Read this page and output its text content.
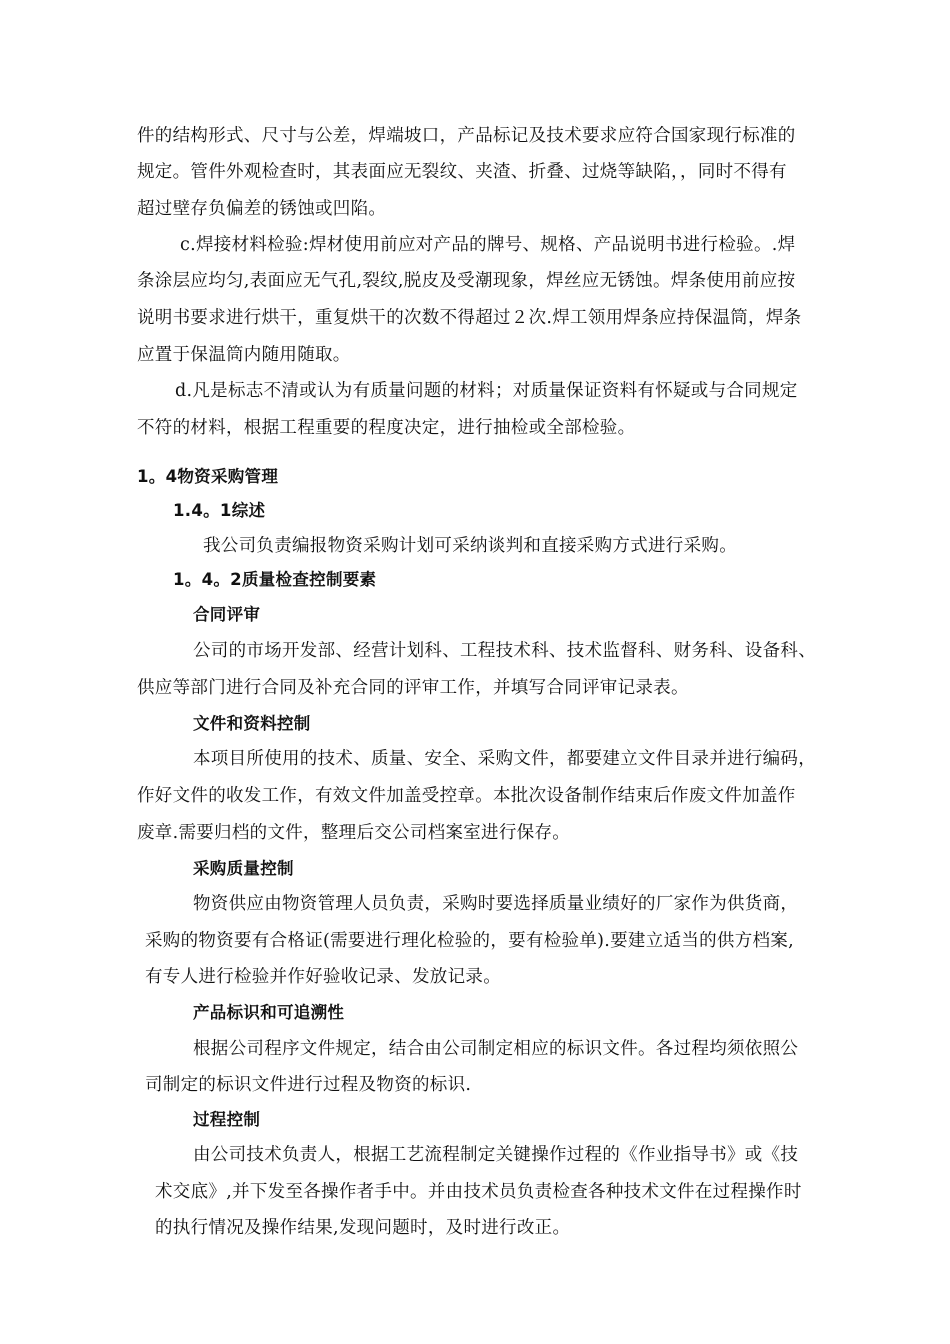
件的结构形式、尺寸与公差，焊端坡口，产品标记及技术要求应符合国家现行标准的
规定。管件外观检查时，其表面应无裂纹、夹渣、折叠、过烧等缺陷，，同时不得有
超过壁存负偏差的锈蚀或凹陷。
c.焊接材料检验:焊材使用前应对产品的牌号、规格、产品说明书进行检验。.焊
条涂层应均匀,表面应无气孔,裂纹,脱皮及受潮现象，焊丝应无锈蚀。焊条使用前应按
说明书要求进行烘干，重复烘干的次数不得超过２次.焊工领用焊条应持保温筒，焊条
应置于保温筒内随用随取。
d.凡是标志不清或认为有质量问题的材料；对质量保证资料有怀疑或与合同规定
不符的材料，根据工程重要的程度决定，进行抽检或全部检验。
1。4物资采购管理
1.4。1综述
我公司负责编报物资采购计划可采纳谈判和直接采购方式进行采购。
1。4。2质量检查控制要素
合同评审
公司的市场开发部、经营计划科、工程技术科、技术监督科、财务科、设备科、
供应等部门进行合同及补充合同的评审工作，并填写合同评审记录表。
文件和资料控制
本项目所使用的技术、质量、安全、采购文件，都要建立文件目录并进行编码，
作好文件的收发工作，有效文件加盖受控章。本批次设备制作结束后作废文件加盖作
废章.需要归档的文件，整理后交公司档案室进行保存。
采购质量控制
物资供应由物资管理人员负责，采购时要选择质量业绩好的厂家作为供货商，
采购的物资要有合格证(需要进行理化检验的，要有检验单).要建立适当的供方档案,
有专人进行检验并作好验收记录、发放记录。
产品标识和可追溯性
根据公司程序文件规定，结合由公司制定相应的标识文件。各过程均须依照公
司制定的标识文件进行过程及物资的标识.
过程控制
由公司技术负责人，根据工艺流程制定关键操作过程的《作业指导书》或《技
术交底》,并下发至各操作者手中。并由技术员负责检查各种技术文件在过程操作时
的执行情况及操作结果,发现问题时，及时进行改正。
